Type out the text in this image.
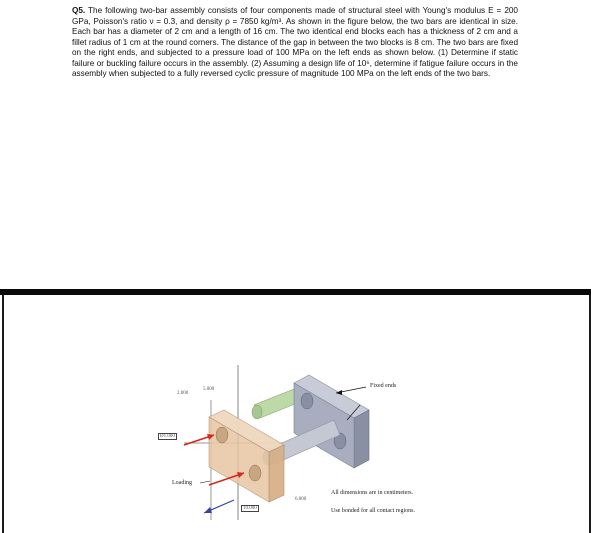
Q5. The following two-bar assembly consists of four components made of structural steel with Young's modulus E = 200 GPa, Poisson's ratio ν = 0.3, and density ρ = 7850 kg/m³. As shown in the figure below, the two bars are identical in size. Each bar has a diameter of 2 cm and a length of 16 cm. The two identical end blocks each has a thickness of 2 cm and a fillet radius of 1 cm at the round corners. The distance of the gap in between the two blocks is 8 cm. The two bars are fixed on the right ends, and subjected to a pressure load of 100 MPa on the left ends as shown below. (1) Determine if static failure or buckling failure occurs in the assembly. (2) Assuming a design life of 10⁶, determine if fatigue failure occurs in the assembly when subjected to a fully reversed cyclic pressure of magnitude 100 MPa on the left ends of the two bars.
2.000
5.000
Ø1.000
6.000
10.000
Fixed ends
Loading
All dimensions are in centimeters.
Use bonded for all contact regions.
